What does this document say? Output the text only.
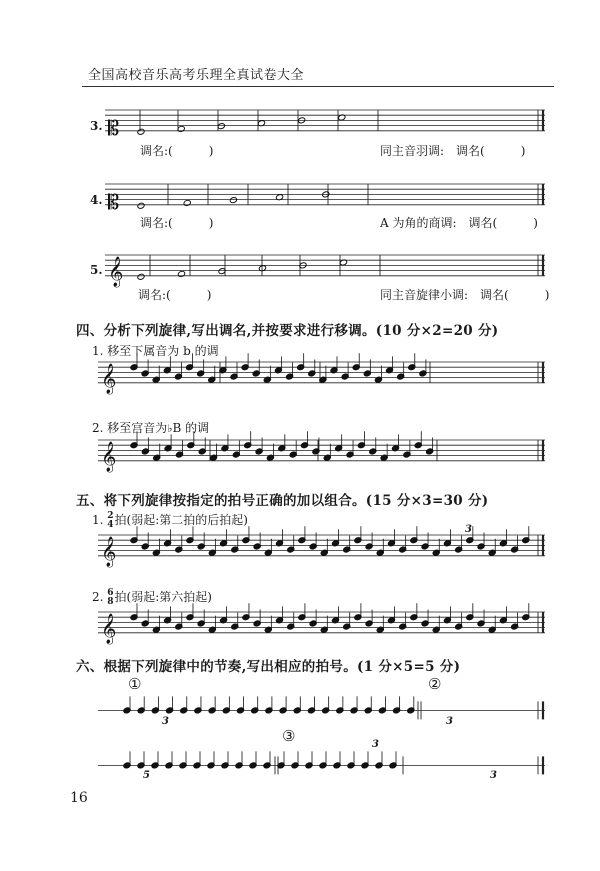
全国高校音乐高考乐理全真试卷大全
𝄡
𝄡
𝄞
𝄞
𝄞
𝄞
𝄞
3.
调名:(　　　)	同主音羽调:　调名(　　　)
4.
调名:(　　　)	A 为角的商调:　调名(　　　)
5.
调名:(　　　)	同主音旋律小调:　调名(　　　)
四、分析下列旋律,写出调名,并按要求进行移调。(10 分×2=20 分)
1. 移至下属音为 b 的调
2. 移至宫音为♭B 的调
五、将下列旋律按指定的拍号正确的加以组合。(15 分×3=30 分)
1. 2
4拍(弱起:第二拍的后拍起)
3
2. 6
8拍(弱起:第六拍起)
六、根据下列旋律中的节奏,写出相应的拍号。(1 分×5=5 分)
①	②
③
3	3
5
3
3
16
